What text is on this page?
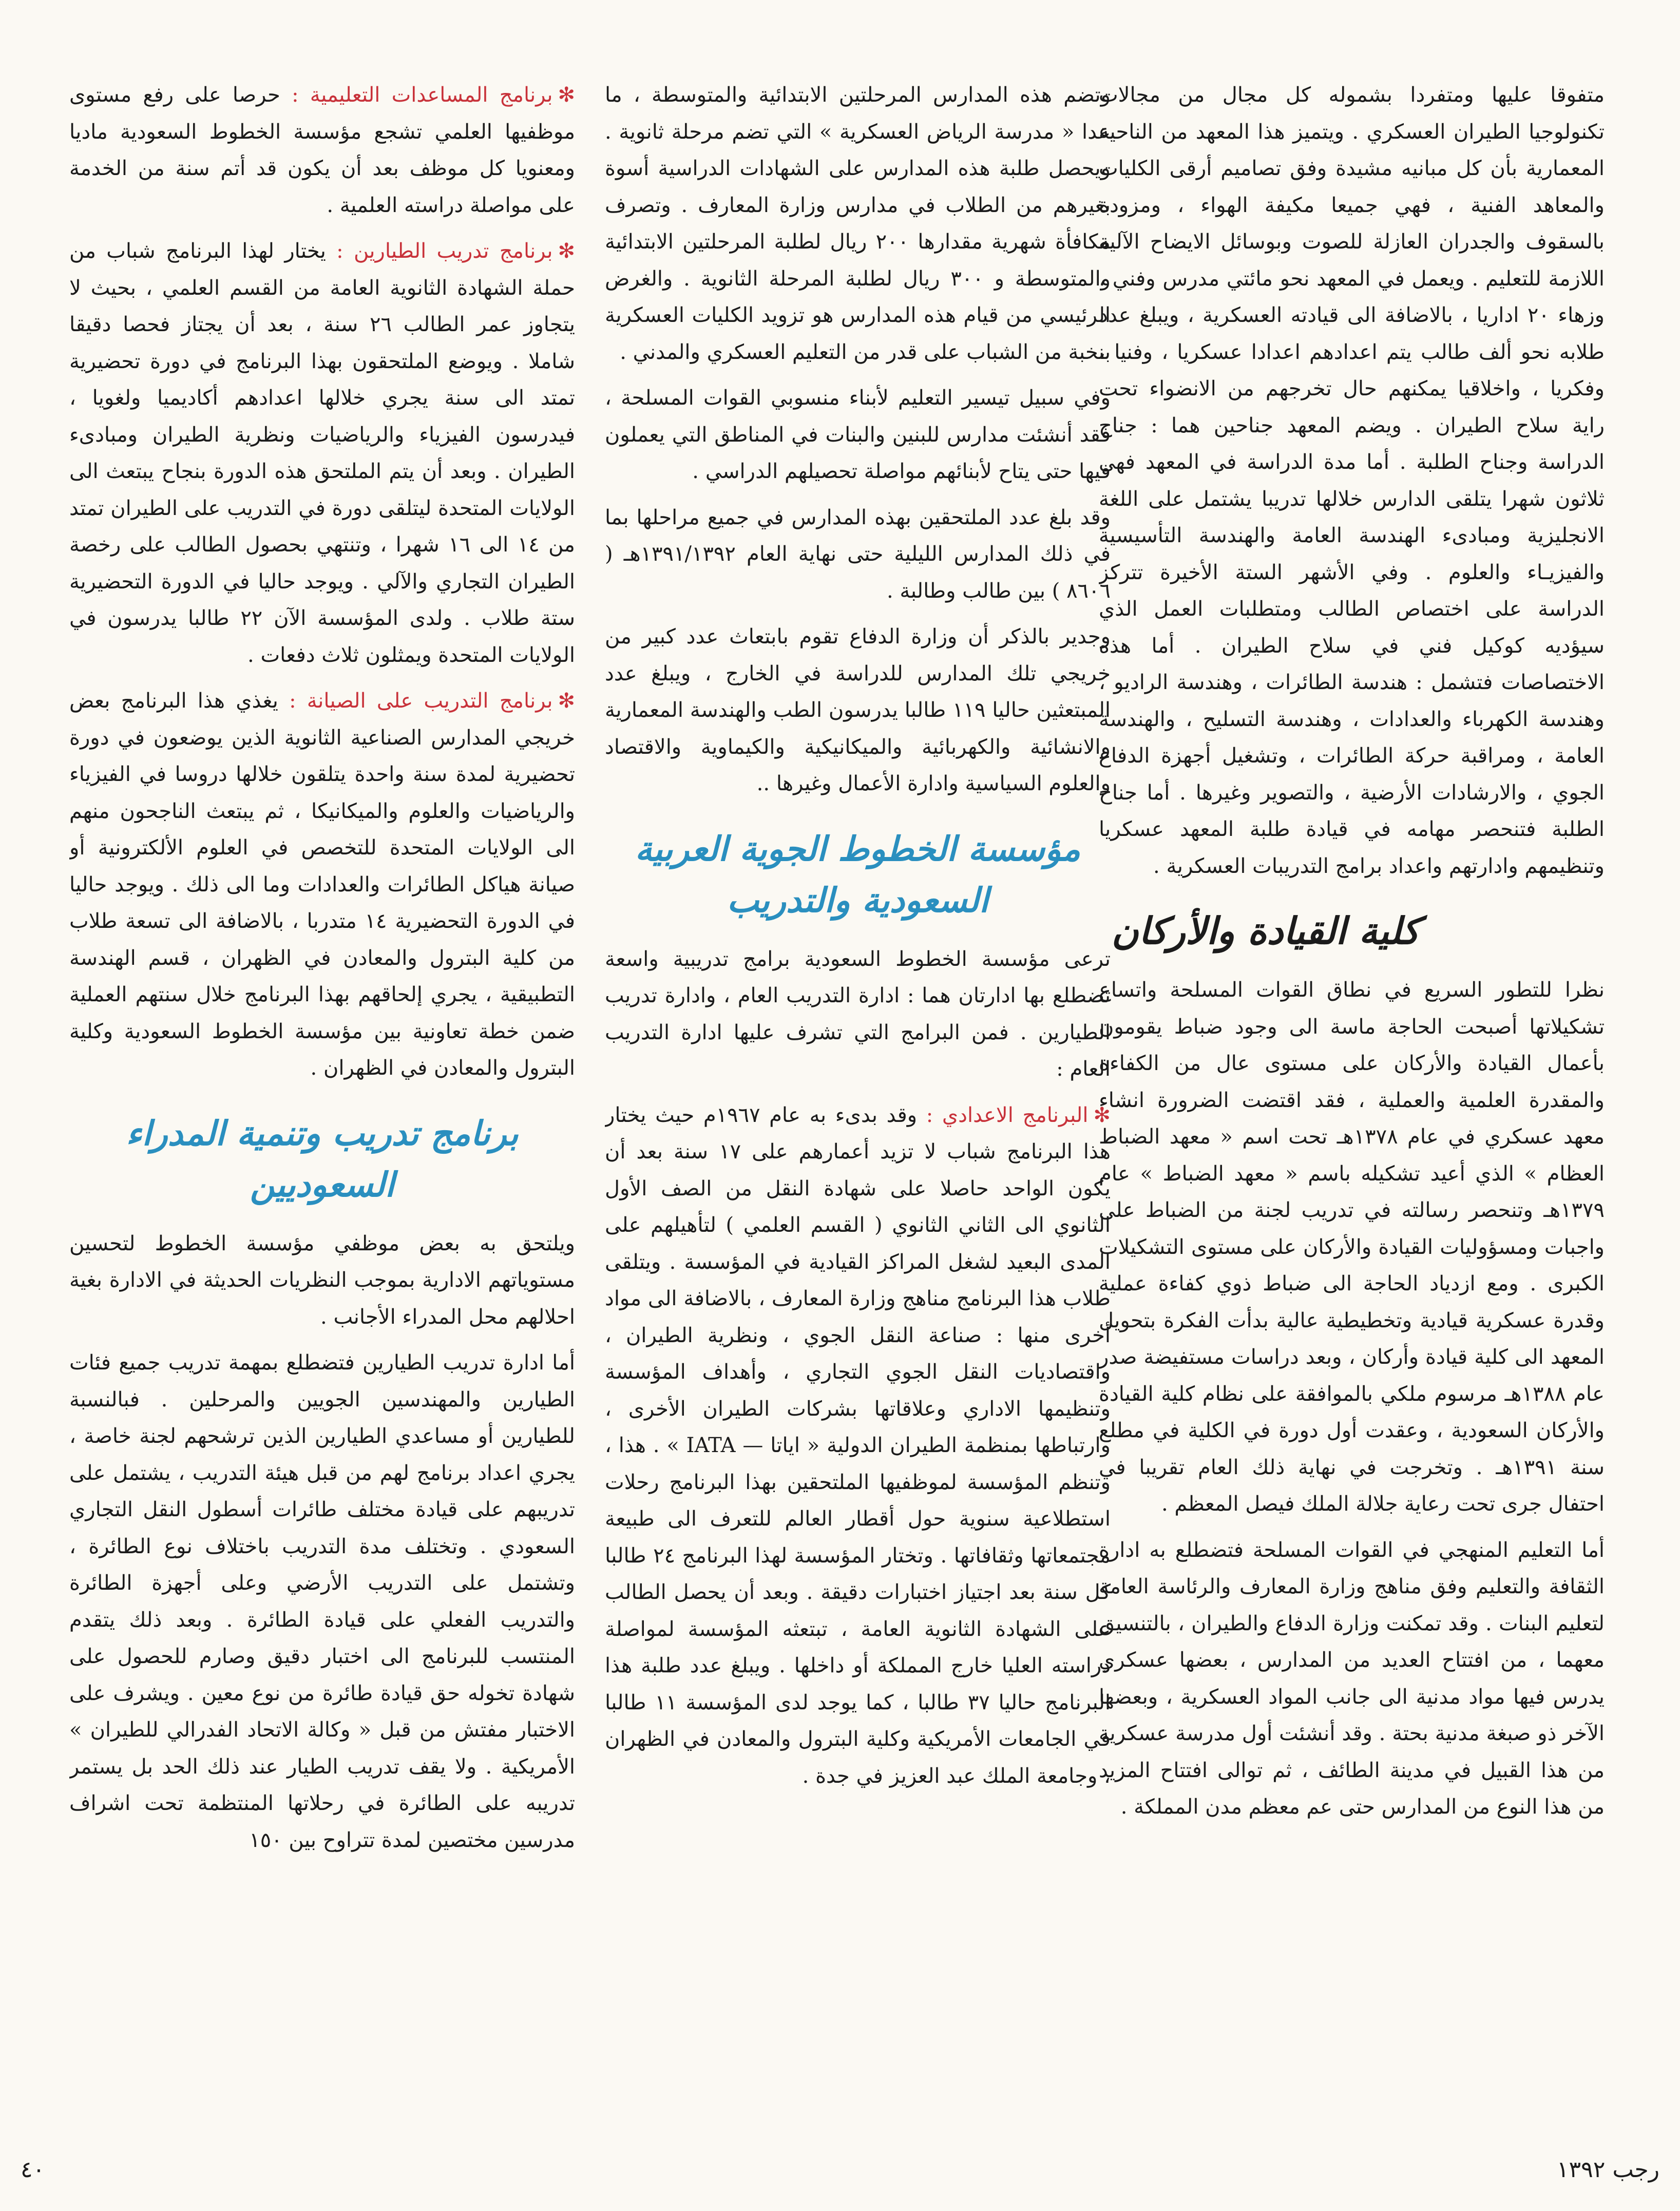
متفوقا عليها ومتفردا بشموله كل مجال من مجالات تكنولوجيا الطيران العسكري . ويتميز هذا المعهد من الناحية المعمارية بأن كل مبانيه مشيدة وفق تصاميم أرقى الكليات والمعاهد الفنية ، فهي جميعا مكيفة الهواء ، ومزودة بالسقوف والجدران العازلة للصوت وبوسائل الايضاح الآلية اللازمة للتعليم . ويعمل في المعهد نحو مائتي مدرس وفني ، وزهاء ٢٠ اداريا ، بالاضافة الى قيادته العسكرية ، ويبلغ عدد طلابه نحو ألف طالب يتم اعدادهم اعدادا عسكريا ، وفنيا ، وفكريا ، واخلاقيا يمكنهم حال تخرجهم من الانضواء تحت راية سلاح الطيران . ويضم المعهد جناحين هما : جناح الدراسة وجناح الطلبة . أما مدة الدراسة في المعهد فهي ثلاثون شهرا يتلقى الدارس خلالها تدريبا يشتمل على اللغة الانجليزية ومبادىء الهندسة العامة والهندسة التأسيسية والفيزيـاء والعلوم . وفي الأشهر الستة الأخيرة تتركز الدراسة على اختصاص الطالب ومتطلبات العمل الذي سيؤديه كوكيل فني في سلاح الطيران . أما هذه الاختصاصات فتشمل : هندسة الطائرات ، وهندسة الراديو ، وهندسة الكهرباء والعدادات ، وهندسة التسليح ، والهندسة العامة ، ومراقبة حركة الطائرات ، وتشغيل أجهزة الدفاع الجوي ، والارشادات الأرضية ، والتصوير وغيرها . أما جناح الطلبة فتنحصر مهامه في قيادة طلبة المعهد عسكريا وتنظيمهم وادارتهم واعداد برامج التدريبات العسكرية .

كلية القيادة والأركان

نظرا للتطور السريع في نطاق القوات المسلحة واتساع تشكيلاتها أصبحت الحاجة ماسة الى وجود ضباط يقومون بأعمال القيادة والأركان على مستوى عال من الكفاءة والمقدرة العلمية والعملية ، فقد اقتضت الضرورة انشاء معهد عسكري في عام ١٣٧٨هـ تحت اسم « معهد الضباط العظام » الذي أعيد تشكيله باسم « معهد الضباط » عام ١٣٧٩هـ وتنحصر رسالته في تدريب لجنة من الضباط على واجبات ومسؤوليات القيادة والأركان على مستوى التشكيلات الكبرى . ومع ازدياد الحاجة الى ضباط ذوي كفاءة عملية وقدرة عسكرية قيادية وتخطيطية عالية بدأت الفكرة بتحويل المعهد الى كلية قيادة وأركان ، وبعد دراسات مستفيضة صدر عام ١٣٨٨هـ مرسوم ملكي بالموافقة على نظام كلية القيادة والأركان السعودية ، وعقدت أول دورة في الكلية في مطلع سنة ١٣٩١هـ . وتخرجت في نهاية ذلك العام تقريبا في احتفال جرى تحت رعاية جلالة الملك فيصل المعظم .

أما التعليم المنهجي في القوات المسلحة فتضطلع به ادارة الثقافة والتعليم وفق مناهج وزارة المعارف والرئاسة العامة لتعليم البنات . وقد تمكنت وزارة الدفاع والطيران ، بالتنسيق معهما ، من افتتاح العديد من المدارس ، بعضها عسكري يدرس فيها مواد مدنية الى جانب المواد العسكرية ، وبعضها الآخر ذو صبغة مدنية بحتة . وقد أنشئت أول مدرسة عسكرية من هذا القبيل في مدينة الطائف ، ثم توالى افتتاح المزيد من هذا النوع من المدارس حتى عم معظم مدن المملكة .

وتضم هذه المدارس المرحلتين الابتدائية والمتوسطة ، ما عدا « مدرسة الرياض العسكرية » التي تضم مرحلة ثانوية . ويحصل طلبة هذه المدارس على الشهادات الدراسية أسوة بغيرهم من الطلاب في مدارس وزارة المعارف . وتصرف مكافأة شهرية مقدارها ٢٠٠ ريال لطلبة المرحلتين الابتدائية والمتوسطة و ٣٠٠ ريال لطلبة المرحلة الثانوية . والغرض الرئيسي من قيام هذه المدارس هو تزويد الكليات العسكرية بنخبة من الشباب على قدر من التعليم العسكري والمدني .

وفي سبيل تيسير التعليم لأبناء منسوبي القوات المسلحة ، فقد أنشئت مدارس للبنين والبنات في المناطق التي يعملون فيها حتى يتاح لأبنائهم مواصلة تحصيلهم الدراسي .

وقد بلغ عدد الملتحقين بهذه المدارس في جميع مراحلها بما في ذلك المدارس الليلية حتى نهاية العام ١٣٩١/١٣٩٢هـ ( ٨٦٠٦ ) بين طالب وطالبة .

وجدير بالذكر أن وزارة الدفاع تقوم بابتعاث عدد كبير من خريجي تلك المدارس للدراسة في الخارج ، ويبلغ عدد المبتعثين حاليا ١١٩ طالبا يدرسون الطب والهندسة المعمارية والانشائية والكهربائية والميكانيكية والكيماوية والاقتصاد والعلوم السياسية وادارة الأعمال وغيرها ..

مؤسسة الخطوط الجوية العربية السعودية والتدريب

ترعى مؤسسة الخطوط السعودية برامج تدريبية واسعة تضطلع بها ادارتان هما : ادارة التدريب العام ، وادارة تدريب الطيارين . فمن البرامج التي تشرف عليها ادارة التدريب العام :

✻البرنامج الاعدادي : وقد بدىء به عام ١٩٦٧م حيث يختار هذا البرنامج شباب لا تزيد أعمارهم على ١٧ سنة بعد أن يكون الواحد حاصلا على شهادة النقل من الصف الأول الثانوي الى الثاني الثانوي ( القسم العلمي ) لتأهيلهم على المدى البعيد لشغل المراكز القيادية في المؤسسة . ويتلقى طلاب هذا البرنامج مناهج وزارة المعارف ، بالاضافة الى مواد أخرى منها : صناعة النقل الجوي ، ونظرية الطيران ، واقتصاديات النقل الجوي التجاري ، وأهداف المؤسسة وتنظيمها الاداري وعلاقاتها بشركات الطيران الأخرى ، وارتباطها بمنظمة الطيران الدولية « اياتا — IATA » . هذا ، وتنظم المؤسسة لموظفيها الملتحقين بهذا البرنامج رحلات استطلاعية سنوية حول أقطار العالم للتعرف الى طبيعة مجتمعاتها وثقافاتها . وتختار المؤسسة لهذا البرنامج ٢٤ طالبا كل سنة بعد اجتياز اختبارات دقيقة . وبعد أن يحصل الطالب على الشهادة الثانوية العامة ، تبتعثه المؤسسة لمواصلة دراسته العليا خارج المملكة أو داخلها . ويبلغ عدد طلبة هذا البرنامج حاليا ٣٧ طالبا ، كما يوجد لدى المؤسسة ١١ طالبا في الجامعات الأمريكية وكلية البترول والمعادن في الظهران ، وجامعة الملك عبد العزيز في جدة .

✻برنامج المساعدات التعليمية : حرصا على رفع مستوى موظفيها العلمي تشجع مؤسسة الخطوط السعودية ماديا ومعنويا كل موظف بعد أن يكون قد أتم سنة من الخدمة على مواصلة دراسته العلمية .

✻برنامج تدريب الطيارين : يختار لهذا البرنامج شباب من حملة الشهادة الثانوية العامة من القسم العلمي ، بحيث لا يتجاوز عمر الطالب ٢٦ سنة ، بعد أن يجتاز فحصا دقيقا شاملا . ويوضع الملتحقون بهذا البرنامج في دورة تحضيرية تمتد الى سنة يجري خلالها اعدادهم أكاديميا ولغويا ، فيدرسون الفيزياء والرياضيات ونظرية الطيران ومبادىء الطيران . وبعد أن يتم الملتحق هذه الدورة بنجاح يبتعث الى الولايات المتحدة ليتلقى دورة في التدريب على الطيران تمتد من ١٤ الى ١٦ شهرا ، وتنتهي بحصول الطالب على رخصة الطيران التجاري والآلي . ويوجد حاليا في الدورة التحضيرية ستة طلاب . ولدى المؤسسة الآن ٢٢ طالبا يدرسون في الولايات المتحدة ويمثلون ثلاث دفعات .

✻برنامج التدريب على الصيانة : يغذي هذا البرنامج بعض خريجي المدارس الصناعية الثانوية الذين يوضعون في دورة تحضيرية لمدة سنة واحدة يتلقون خلالها دروسا في الفيزياء والرياضيات والعلوم والميكانيكا ، ثم يبتعث الناجحون منهم الى الولايات المتحدة للتخصص في العلوم الألكترونية أو صيانة هياكل الطائرات والعدادات وما الى ذلك . ويوجد حاليا في الدورة التحضيرية ١٤ متدربا ، بالاضافة الى تسعة طلاب من كلية البترول والمعادن في الظهران ، قسم الهندسة التطبيقية ، يجري إلحاقهم بهذا البرنامج خلال سنتهم العملية ضمن خطة تعاونية بين مؤسسة الخطوط السعودية وكلية البترول والمعادن في الظهران .

برنامج تدريب وتنمية المدراء السعوديين

ويلتحق به بعض موظفي مؤسسة الخطوط لتحسين مستوياتهم الادارية بموجب النظريات الحديثة في الادارة بغية احلالهم محل المدراء الأجانب .

أما ادارة تدريب الطيارين فتضطلع بمهمة تدريب جميع فئات الطيارين والمهندسين الجويين والمرحلين . فبالنسبة للطيارين أو مساعدي الطيارين الذين ترشحهم لجنة خاصة ، يجري اعداد برنامج لهم من قبل هيئة التدريب ، يشتمل على تدريبهم على قيادة مختلف طائرات أسطول النقل التجاري السعودي . وتختلف مدة التدريب باختلاف نوع الطائرة ، وتشتمل على التدريب الأرضي وعلى أجهزة الطائرة والتدريب الفعلي على قيادة الطائرة . وبعد ذلك يتقدم المنتسب للبرنامج الى اختبار دقيق وصارم للحصول على شهادة تخوله حق قيادة طائرة من نوع معين . ويشرف على الاختبار مفتش من قبل « وكالة الاتحاد الفدرالي للطيران » الأمريكية . ولا يقف تدريب الطيار عند ذلك الحد بل يستمر تدريبه على الطائرة في رحلاتها المنتظمة تحت اشراف مدرسين مختصين لمدة تتراوح بين ١٥٠

٤٠	رجب ١٣٩٢
